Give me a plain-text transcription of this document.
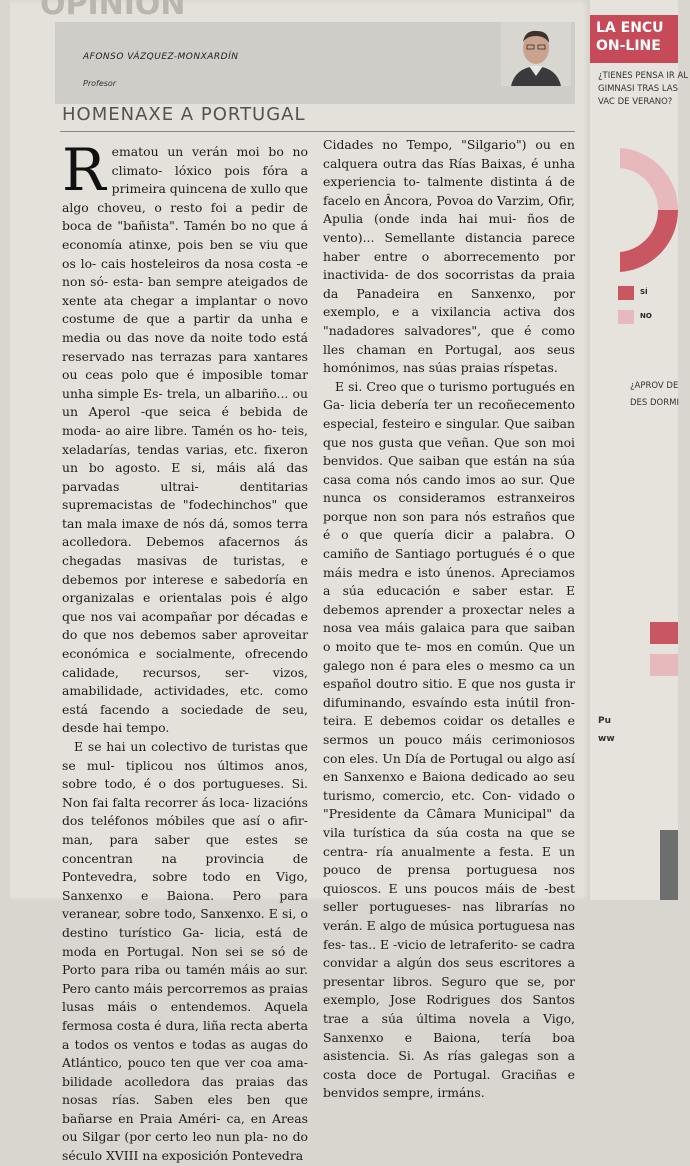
AFONSO VÁZQUEZ-MONXARDÍN
Profesor
HOMENAXE A PORTUGAL

Rematou un verán moi bo no climato- lóxico pois fóra a primeira quincena de xullo que algo choveu, o resto foi a pedir de boca de "bañista". Tamén bo no que á economía atinxe, pois ben se viu que os lo- cais hosteleiros da nosa costa -e non só- esta- ban sempre ateigados de xente ata chegar a implantar o novo costume de que a partir da unha e media ou das nove da noite todo está reservado nas terrazas para xantares ou ceas polo que é imposible tomar unha simple Es- trela, un albariño... ou un Aperol -que seica é bebida de moda- ao aire libre. Tamén os ho- teis, xeladarías, tendas varias, etc. fixeron un bo agosto. E si, máis alá das parvadas ultrai- dentitarias supremacistas de "fodechinchos" que tan mala imaxe de nós dá, somos terra acolledora. Debemos afacernos ás chegadas masivas de turistas, e debemos por interese e sabedoría en organizalas e orientalas pois é algo que nos vai acompañar por décadas e do que nos debemos saber aproveitar económica e socialmente, ofrecendo calidade, recursos, ser- vizos, amabilidade, actividades, etc. como está facendo a sociedade de seu, desde hai tempo.

E se hai un colectivo de turistas que se mul- tiplicou nos últimos anos, sobre todo, é o dos portugueses. Si. Non fai falta recorrer ás loca- lizacións dos teléfonos móbiles que así o afir- man, para saber que estes se concentran na provincia de Pontevedra, sobre todo en Vigo, Sanxenxo e Baiona. Pero para veranear, sobre todo, Sanxenxo. E si, o destino turístico Ga- licia, está de moda en Portugal. Non sei se só de Porto para riba ou tamén máis ao sur. Pero canto máis percorremos as praias lusas máis o entendemos. Aquela fermosa costa é dura, liña recta aberta a todos os ventos e todas as augas do Atlántico, pouco ten que ver coa ama- bilidade acolledora das praias das nosas rías. Saben eles ben que bañarse en Praia Améri- ca, en Areas ou Silgar (por certo leo nun pla- no do século XVIII na exposición Pontevedra

Cidades no Tempo, "Silgario") ou en calquera outra das Rías Baixas, é unha experiencia to- talmente distinta á de facelo en Âncora, Povoa do Varzim, Ofir, Apulia (onde inda hai mui- ños de vento)... Semellante distancia parece haber entre o aborrecemento por inactivida- de dos socorristas da praia da Panadeira en Sanxenxo, por exemplo, e a vixilancia activa dos "nadadores salvadores", que é como lles chaman en Portugal, aos seus homónimos, nas súas praias ríspetas.

E si. Creo que o turismo portugués en Ga- licia debería ter un recoñecemento especial, festeiro e singular. Que saiban que nos gusta que veñan. Que son moi benvidos. Que saiban que están na súa casa coma nós cando imos ao sur. Que nunca os consideramos estranxeiros porque non son para nós estraños que é o que quería dicir a palabra. O camiño de Santiago portugués é o que máis medra e isto únenos. Apreciamos a súa educación e saber estar. E debemos aprender a proxectar neles a nosa vea máis galaica para que saiban o moito que te- mos en común. Que un galego non é para eles o mesmo ca un español doutro sitio. E que nos gusta ir difuminando, esvaíndo esta inútil fron- teira. E debemos coidar os detalles e sermos un pouco máis cerimoniosos con eles. Un Día de Portugal ou algo así en Sanxenxo e Baiona dedicado ao seu turismo, comercio, etc. Con- vidado o "Presidente da Câmara Municipal" da vila turística da súa costa na que se centra- ría anualmente a festa. E un pouco de prensa portuguesa nos quioscos. E uns poucos máis de -best seller portugueses- nas librarías no verán. E algo de música portuguesa nas fes- tas.. E -vicio de letraferito- se cadra convidar a algún dos seus escritores a presentar libros. Seguro que se, por exemplo, Jose Rodrigues dos Santos trae a súa última novela a Vigo, Sanxenxo e Baiona, tería boa asistencia. Si. As rías galegas son a costa doce de Portugal. Graciñas e benvidos sempre, irmáns.

LA ENCU
ON-LINE
¿TIENES PENSA IR AL GIMNASI TRAS LAS VAC DE VERANO?
SÍ
NO
¿APROV DE DES DORMI
Pu
ww
